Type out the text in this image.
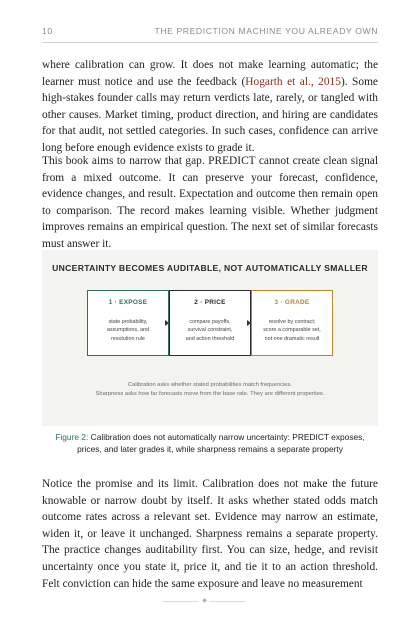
10	THE PREDICTION MACHINE YOU ALREADY OWN

where calibration can grow. It does not make learning automatic; the learner must notice and use the feedback (Hogarth et al., 2015). Some high-stakes founder calls may return verdicts late, rarely, or tangled with other causes. Market timing, product direction, and hiring are candidates for that audit, not settled categories. In such cases, confidence can arrive long before enough evidence exists to grade it.

This book aims to narrow that gap. PREDICT cannot create clean signal from a mixed outcome. It can preserve your forecast, confidence, evidence changes, and result. Expectation and outcome then remain open to comparison. The record makes learning visible. Whether judgment improves remains an empirical question. The next set of similar forecasts must answer it.

UNCERTAINTY BECOMES AUDITABLE, NOT AUTOMATICALLY SMALLER
1 · EXPOSE
state probability,
assumptions, and
resolution rule
2 · PRICE
compare payoffs,
survival constraint,
and action threshold
3 · GRADE
resolve by contract;
score a comparable set,
not one dramatic result
Calibration asks whether stated probabilities match frequencies.
Sharpness asks how far forecasts move from the base rate. They are different properties.
Figure 2: Calibration does not automatically narrow uncertainty: PREDICT exposes, prices, and later grades it, while sharpness remains a separate property

Notice the promise and its limit. Calibration does not make the future knowable or narrow doubt by itself. It asks whether stated odds match outcome rates across a relevant set. Evidence may narrow an estimate, widen it, or leave it unchanged. Sharpness remains a separate property. The practice changes auditability first. You can size, hedge, and revisit uncertainty once you state it, price it, and tie it to an action threshold. Felt conviction can hide the same exposure and leave no measurement

◆
